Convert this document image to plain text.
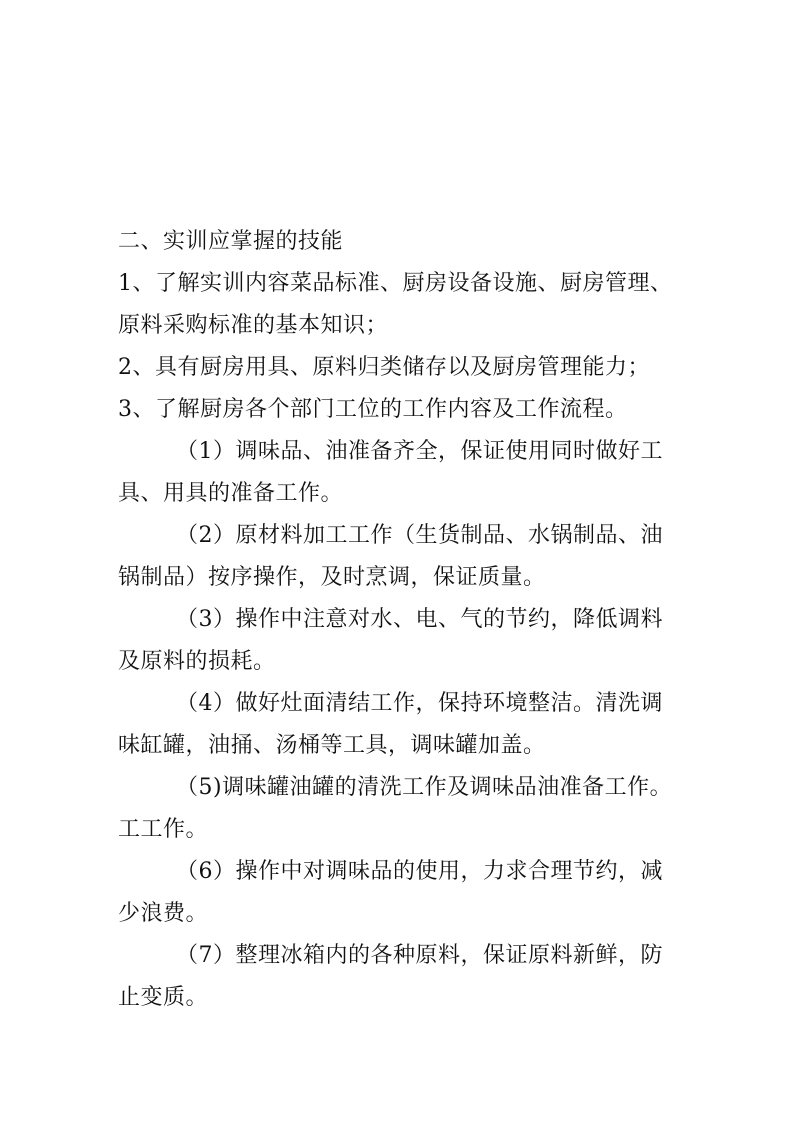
二、实训应掌握的技能
1、了解实训内容菜品标准、厨房设备设施、厨房管理、
原料采购标准的基本知识；
2、具有厨房用具、原料归类储存以及厨房管理能力；
3、了解厨房各个部门工位的工作内容及工作流程。
（1）调味品、油准备齐全，保证使用同时做好工
具、用具的准备工作。
（2）原材料加工工作（生货制品、水锅制品、油
锅制品）按序操作，及时烹调，保证质量。
（3）操作中注意对水、电、气的节约，降低调料
及原料的损耗。
（4）做好灶面清结工作，保持环境整洁。清洗调
味缸罐，油捅、汤桶等工具，调味罐加盖。
（5)调味罐油罐的清洗工作及调味品油准备工作。
工工作。
（6）操作中对调味品的使用，力求合理节约，减
少浪费。
（7）整理冰箱内的各种原料，保证原料新鲜，防
止变质。
